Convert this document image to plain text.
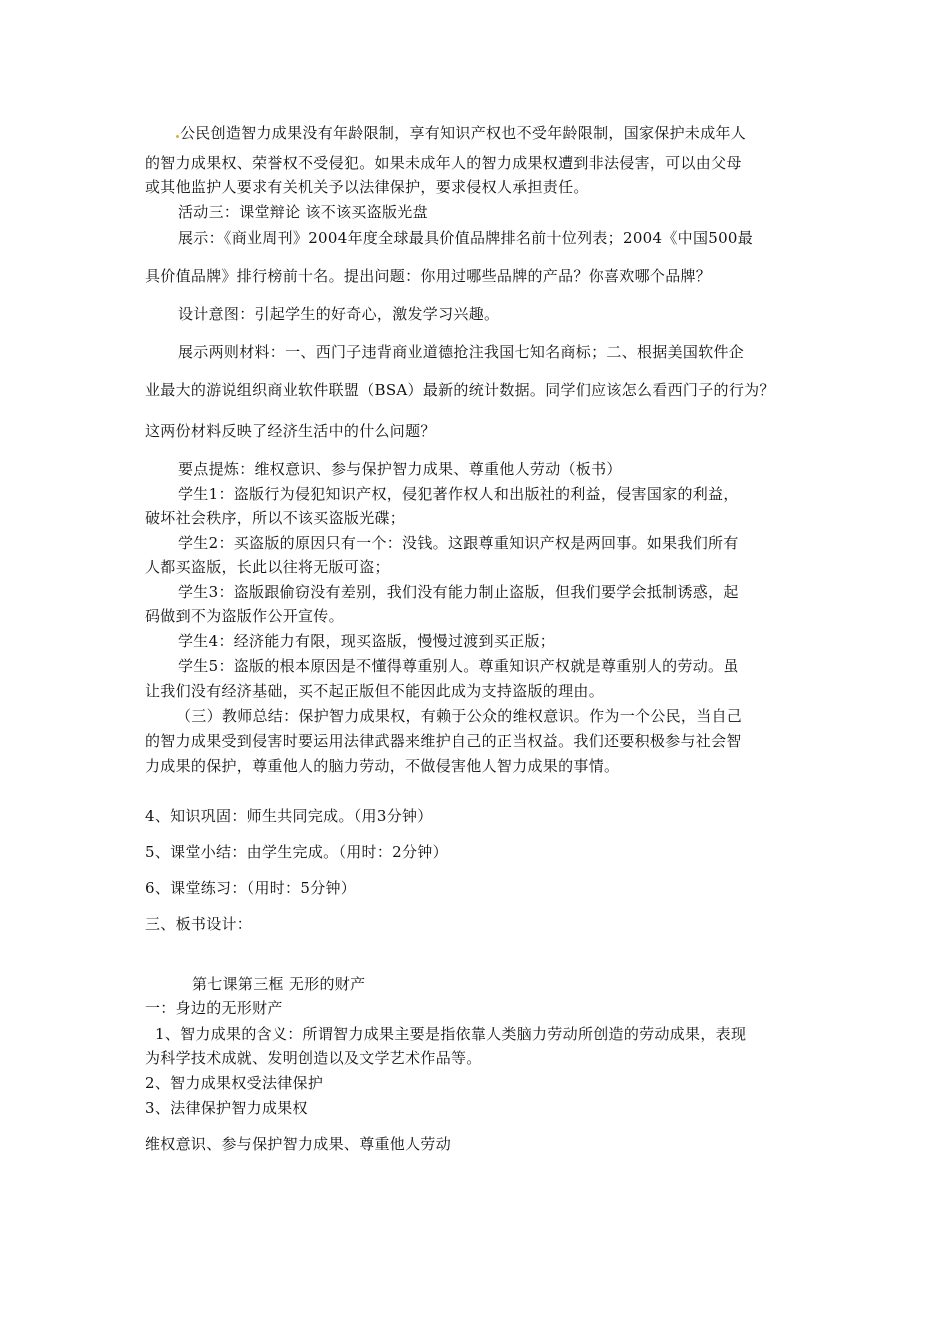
公民创造智力成果没有年龄限制，享有知识产权也不受年龄限制，国家保护未成年人
的智力成果权、荣誉权不受侵犯。如果未成年人的智力成果权遭到非法侵害，可以由父母
或其他监护人要求有关机关予以法律保护，要求侵权人承担责任。
活动三：课堂辩论 该不该买盗版光盘
展示：《商业周刊》2004年度全球最具价值品牌排名前十位列表；2004《中国500最
具价值品牌》排行榜前十名。提出问题：你用过哪些品牌的产品？你喜欢哪个品牌？
设计意图：引起学生的好奇心，激发学习兴趣。
展示两则材料：一、西门子违背商业道德抢注我国七知名商标；二、根据美国软件企
业最大的游说组织商业软件联盟（BSA）最新的统计数据。同学们应该怎么看西门子的行为？
这两份材料反映了经济生活中的什么问题？
要点提炼：维权意识、参与保护智力成果、尊重他人劳动（板书）
学生1：盗版行为侵犯知识产权，侵犯著作权人和出版社的利益，侵害国家的利益，
破坏社会秩序，所以不该买盗版光碟；
学生2：买盗版的原因只有一个：没钱。这跟尊重知识产权是两回事。如果我们所有
人都买盗版，长此以往将无版可盗；
学生3：盗版跟偷窃没有差别，我们没有能力制止盗版，但我们要学会抵制诱惑，起
码做到不为盗版作公开宣传。
学生4：经济能力有限，现买盗版，慢慢过渡到买正版；
学生5：盗版的根本原因是不懂得尊重别人。尊重知识产权就是尊重别人的劳动。虽
让我们没有经济基础，买不起正版但不能因此成为支持盗版的理由。
（三）教师总结：保护智力成果权，有赖于公众的维权意识。作为一个公民，当自己
的智力成果受到侵害时要运用法律武器来维护自己的正当权益。我们还要积极参与社会智
力成果的保护，尊重他人的脑力劳动，不做侵害他人智力成果的事情。
4、知识巩固：师生共同完成。（用3分钟）
5、课堂小结：由学生完成。（用时：2分钟）
6、课堂练习：（用时：5分钟）
三、板书设计：
第七课第三框 无形的财产
一：身边的无形财产
1、智力成果的含义：所谓智力成果主要是指依靠人类脑力劳动所创造的劳动成果，表现
为科学技术成就、发明创造以及文学艺术作品等。
2、智力成果权受法律保护
3、法律保护智力成果权
维权意识、参与保护智力成果、尊重他人劳动
